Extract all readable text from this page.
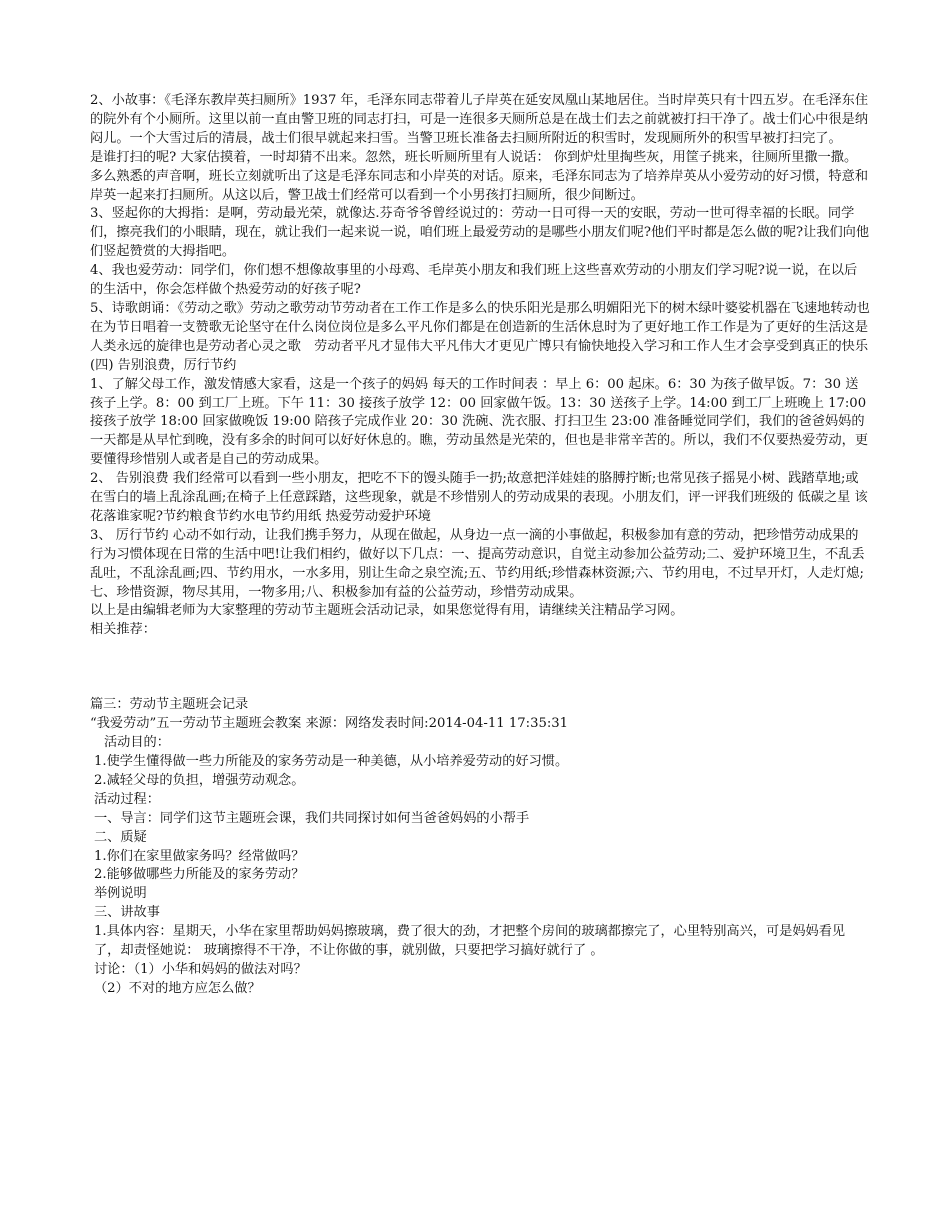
2、小故事：《毛泽东教岸英扫厕所》1937 年，毛泽东同志带着儿子岸英在延安凤凰山某地居住。当时岸英只有十四五岁。在毛泽东住的院外有个小厕所。这里以前一直由警卫班的同志打扫，可是一连很多天厕所总是在战士们去之前就被打扫干净了。战士们心中很是纳闷儿。一个大雪过后的清晨，战士们很早就起来扫雪。当警卫班长准备去扫厕所附近的积雪时，发现厕所外的积雪早被打扫完了。

是谁打扫的呢? 大家估摸着，一时却猜不出来。忽然，班长听厕所里有人说话： 你到炉灶里掏些灰，用筐子挑来，往厕所里撒一撒。

多么熟悉的声音啊，班长立刻就听出了这是毛泽东同志和小岸英的对话。原来，毛泽东同志为了培养岸英从小爱劳动的好习惯，特意和岸英一起来打扫厕所。从这以后，警卫战士们经常可以看到一个小男孩打扫厕所，很少间断过。

3、竖起你的大拇指：是啊，劳动最光荣，就像达.芬奇爷爷曾经说过的：劳动一日可得一天的安眠，劳动一世可得幸福的长眠。同学们，擦亮我们的小眼睛，现在，就让我们一起来说一说，咱们班上最爱劳动的是哪些小朋友们呢?他们平时都是怎么做的呢?让我们向他们竖起赞赏的大拇指吧。

4、我也爱劳动：同学们，你们想不想像故事里的小母鸡、毛岸英小朋友和我们班上这些喜欢劳动的小朋友们学习呢?说一说，在以后的生活中，你会怎样做个热爱劳动的好孩子呢?

5、诗歌朗诵：《劳动之歌》劳动之歌劳动节劳动者在工作工作是多么的快乐阳光是那么明媚阳光下的树木绿叶婆娑机器在飞速地转动也在为节日唱着一支赞歌无论坚守在什么岗位岗位是多么平凡你们都是在创造新的生活休息时为了更好地工作工作是为了更好的生活这是人类永远的旋律也是劳动者心灵之歌　劳动者平凡才显伟大平凡伟大才更见广博只有愉快地投入学习和工作人生才会享受到真正的快乐

(四) 告别浪费，厉行节约

1、了解父母工作，激发情感大家看，这是一个孩子的妈妈 每天的工作时间表 ：早上 6：00 起床。6：30 为孩子做早饭。7：30 送孩子上学。8：00 到工厂上班。下午 11：30 接孩子放学 12：00 回家做午饭。13：30 送孩子上学。14:00 到工厂上班晚上 17:00 接孩子放学 18:00 回家做晚饭 19:00 陪孩子完成作业 20：30 洗碗、洗衣服、打扫卫生 23:00 准备睡觉同学们，我们的爸爸妈妈的一天都是从早忙到晚，没有多余的时间可以好好休息的。瞧，劳动虽然是光荣的，但也是非常辛苦的。所以，我们不仅要热爱劳动，更要懂得珍惜别人或者是自己的劳动成果。

2、 告别浪费 我们经常可以看到一些小朋友，把吃不下的馒头随手一扔;故意把洋娃娃的胳膊拧断;也常见孩子摇晃小树、践踏草地;或在雪白的墙上乱涂乱画;在椅子上任意踩踏，这些现象，就是不珍惜别人的劳动成果的表现。小朋友们，评一评我们班级的 低碳之星 该花落谁家呢?节约粮食节约水电节约用纸 热爱劳动爱护环境

3、 厉行节约 心动不如行动，让我们携手努力，从现在做起，从身边一点一滴的小事做起，积极参加有意的劳动，把珍惜劳动成果的行为习惯体现在日常的生活中吧!让我们相约，做好以下几点：一、提高劳动意识，自觉主动参加公益劳动;二、爱护环境卫生，不乱丢乱吐，不乱涂乱画;四、节约用水，一水多用，别让生命之泉空流;五、节约用纸;珍惜森林资源;六、节约用电，不过早开灯，人走灯熄;七、珍惜资源，物尽其用，一物多用;八、积极参加有益的公益劳动，珍惜劳动成果。

以上是由编辑老师为大家整理的劳动节主题班会活动记录，如果您觉得有用，请继续关注精品学习网。

相关推荐：

篇三：劳动节主题班会记录

“我爱劳动”五一劳动节主题班会教案 来源：网络发表时间:2014-04-11 17:35:31

活动目的：

1.使学生懂得做一些力所能及的家务劳动是一种美德，从小培养爱劳动的好习惯。

2.减轻父母的负担，增强劳动观念。

活动过程：

一、导言：同学们这节主题班会课，我们共同探讨如何当爸爸妈妈的小帮手

二、质疑

1.你们在家里做家务吗？经常做吗？

2.能够做哪些力所能及的家务劳动？

举例说明

三、讲故事

1.具体内容：星期天，小华在家里帮助妈妈擦玻璃，费了很大的劲，才把整个房间的玻璃都擦完了，心里特别高兴，可是妈妈看见了，却责怪她说： 玻璃擦得不干净，不让你做的事，就别做，只要把学习搞好就行了 。

讨论：（1）小华和妈妈的做法对吗？

（2）不对的地方应怎么做？
